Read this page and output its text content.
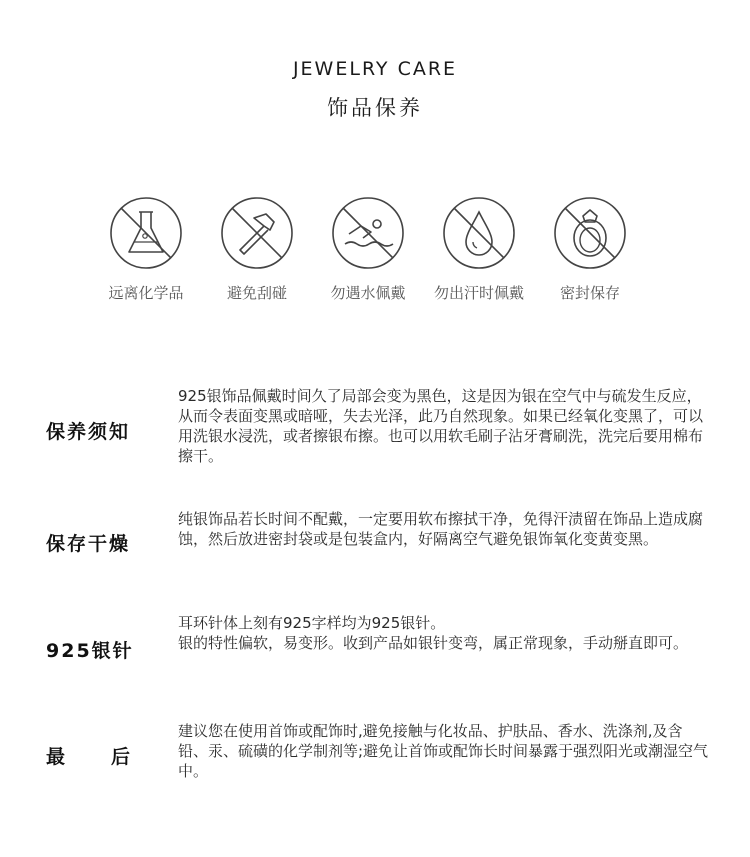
JEWELRY CARE
饰品保养
远离化学品	避免刮碰	勿遇水佩戴	勿出汗时佩戴	密封保存
保养须知

925银饰品佩戴时间久了局部会变为黑色，这是因为银在空气中与硫发生反应，从而令表面变黑或暗哑，失去光泽，此乃自然现象。如果已经氧化变黑了，可以用洗银水浸洗，或者擦银布擦。也可以用软毛刷子沾牙膏刷洗，洗完后要用棉布擦干。

保存干燥

纯银饰品若长时间不配戴，一定要用软布擦拭干净，免得汗渍留在饰品上造成腐蚀，然后放进密封袋或是包装盒内，好隔离空气避免银饰氧化变黄变黑。

925银针

耳环针体上刻有925字样均为925银针。

银的特性偏软，易变形。收到产品如银针变弯，属正常现象，手动掰直即可。

最 后

建议您在使用首饰或配饰时,避免接触与化妆品、护肤品、香水、洗涤剂,及含铅、汞、硫磺的化学制剂等;避免让首饰或配饰长时间暴露于强烈阳光或潮湿空气中。
